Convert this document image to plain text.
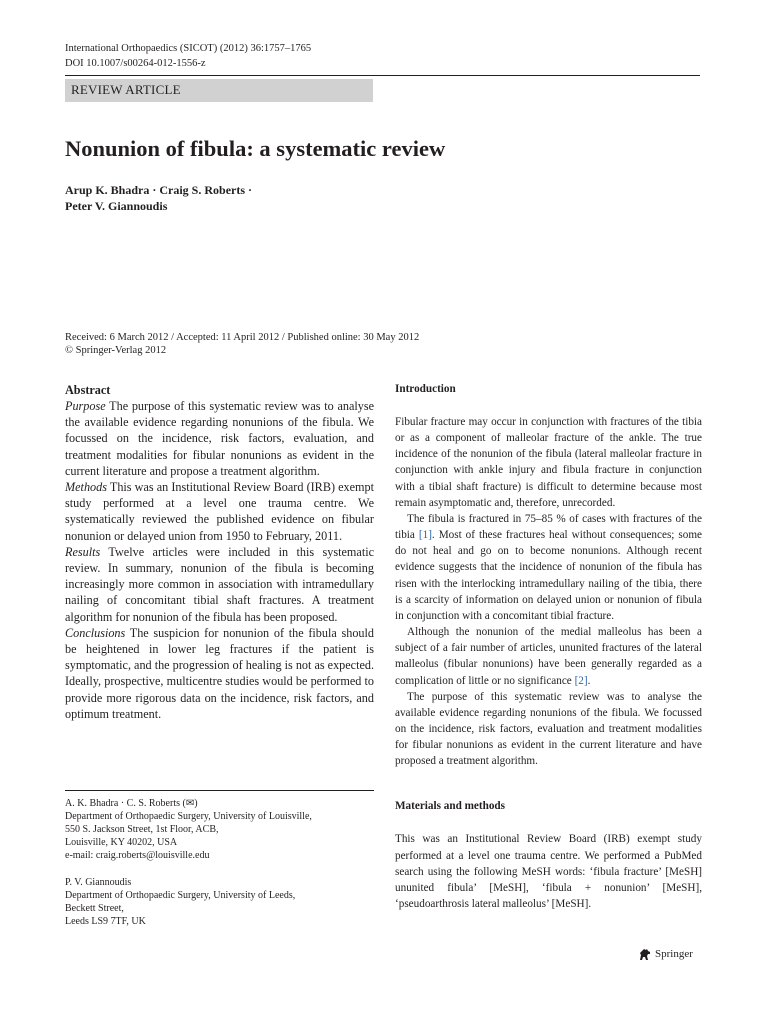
International Orthopaedics (SICOT) (2012) 36:1757–1765
DOI 10.1007/s00264-012-1556-z
REVIEW ARTICLE
Nonunion of fibula: a systematic review
Arup K. Bhadra · Craig S. Roberts ·
Peter V. Giannoudis
Received: 6 March 2012 / Accepted: 11 April 2012 / Published online: 30 May 2012
© Springer-Verlag 2012
Abstract

Purpose The purpose of this systematic review was to analyse the available evidence regarding nonunions of the fibula. We focussed on the incidence, risk factors, evaluation, and treatment modalities for fibular nonunions as evident in the current literature and propose a treatment algorithm.

Methods This was an Institutional Review Board (IRB) exempt study performed at a level one trauma centre. We systematically reviewed the published evidence on fibular nonunion or delayed union from 1950 to February, 2011.

Results Twelve articles were included in this systematic review. In summary, nonunion of the fibula is becoming increasingly more common in association with intramedullary nailing of concomitant tibial shaft fractures. A treatment algorithm for nonunion of the fibula has been proposed.

Conclusions The suspicion for nonunion of the fibula should be heightened in lower leg fractures if the patient is symptomatic, and the progression of healing is not as expected. Ideally, prospective, multicentre studies would be performed to provide more rigorous data on the incidence, risk factors, and optimum treatment.

A. K. Bhadra · C. S. Roberts (✉)
Department of Orthopaedic Surgery, University of Louisville,
550 S. Jackson Street, 1st Floor, ACB,
Louisville, KY 40202, USA
e-mail: craig.roberts@louisville.edu
P. V. Giannoudis
Department of Orthopaedic Surgery, University of Leeds,
Beckett Street,
Leeds LS9 7TF, UK
Introduction

Fibular fracture may occur in conjunction with fractures of the tibia or as a component of malleolar fracture of the ankle. The true incidence of the nonunion of the fibula (lateral malleolar fracture in conjunction with ankle injury and fibula fracture in conjunction with a tibial shaft fracture) is difficult to determine because most remain asymptomatic and, therefore, unrecorded.

The fibula is fractured in 75–85 % of cases with fractures of the tibia [1]. Most of these fractures heal without consequences; some do not heal and go on to become nonunions. Although recent evidence suggests that the incidence of nonunion of the fibula has risen with the interlocking intramedullary nailing of the tibia, there is a scarcity of information on delayed union or nonunion of fibula in conjunction with a concomitant tibial fracture.

Although the nonunion of the medial malleolus has been a subject of a fair number of articles, ununited fractures of the lateral malleolus (fibular nonunions) have been generally regarded as a complication of little or no significance [2].

The purpose of this systematic review was to analyse the available evidence regarding nonunions of the fibula. We focussed on the incidence, risk factors, evaluation and treatment modalities for fibular nonunions as evident in the current literature and have proposed a treatment algorithm.

Materials and methods

This was an Institutional Review Board (IRB) exempt study performed at a level one trauma centre. We performed a PubMed search using the following MeSH words: ‘fibula fracture’ [MeSH] ununited fibula’ [MeSH], ‘fibula + nonunion’ [MeSH], ‘pseudoarthrosis lateral malleolus’ [MeSH].

Springer
